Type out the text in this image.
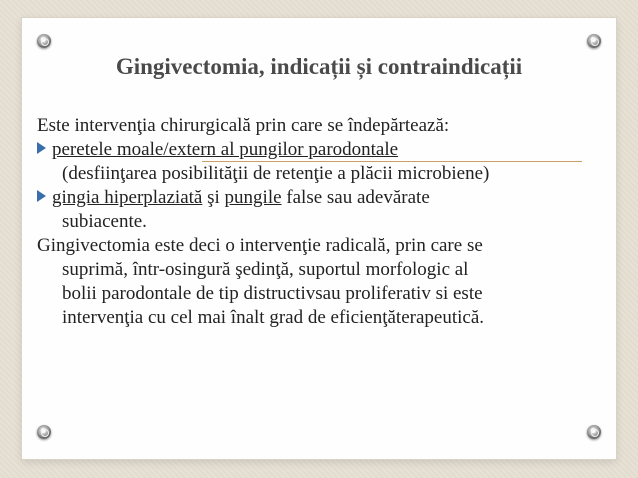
Gingivectomia, indicații și contraindicații
Este intervenţia chirurgicală prin care se îndepărtează:
peretele moale/extern al pungilor parodontale
(desfiinţarea posibilităţii de retenţie a plăcii microbiene)
gingia hiperplaziată şi pungile false sau adevărate
subiacente.
Gingivectomia este deci o intervenţie radicală, prin care se
suprimă, într-osingură şedinţă, suportul morfologic al
bolii parodontale de tip distructivsau proliferativ si este
intervenţia cu cel mai înalt grad de eficienţăterapeutică.
